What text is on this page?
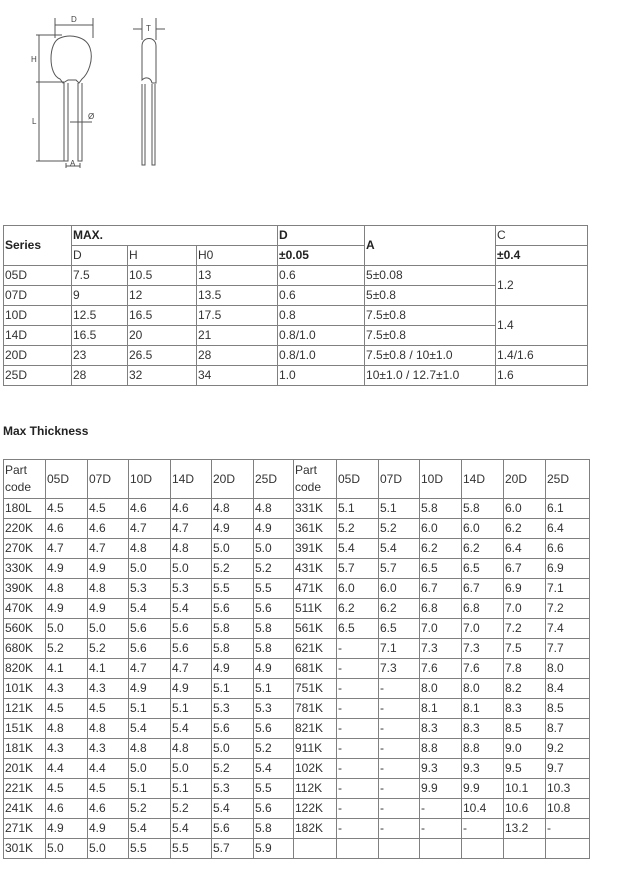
D
H
L
Ø
A
T
Series	MAX.			D	A	C
	D	H	H0	±0.05		±0.4
05D	7.5	10.5	13	0.6	5±0.08	1.2
07D	9	12	13.5	0.6	5±0.8	
10D	12.5	16.5	17.5	0.8	7.5±0.8	1.4
14D	16.5	20	21	0.8/1.0	7.5±0.8	
20D	23	26.5	28	0.8/1.0	7.5±0.8 / 10±1.0	1.4/1.6
25D	28	32	34	1.0	10±1.0 / 12.7±1.0	1.6
Max Thickness
Part
code	05D	07D	10D	14D	20D	25D	Part
code	05D	07D	10D	14D	20D	25D
180L	4.5	4.5	4.6	4.6	4.8	4.8	331K	5.1	5.1	5.8	5.8	6.0	6.1
220K	4.6	4.6	4.7	4.7	4.9	4.9	361K	5.2	5.2	6.0	6.0	6.2	6.4
270K	4.7	4.7	4.8	4.8	5.0	5.0	391K	5.4	5.4	6.2	6.2	6.4	6.6
330K	4.9	4.9	5.0	5.0	5.2	5.2	431K	5.7	5.7	6.5	6.5	6.7	6.9
390K	4.8	4.8	5.3	5.3	5.5	5.5	471K	6.0	6.0	6.7	6.7	6.9	7.1
470K	4.9	4.9	5.4	5.4	5.6	5.6	511K	6.2	6.2	6.8	6.8	7.0	7.2
560K	5.0	5.0	5.6	5.6	5.8	5.8	561K	6.5	6.5	7.0	7.0	7.2	7.4
680K	5.2	5.2	5.6	5.6	5.8	5.8	621K	-	7.1	7.3	7.3	7.5	7.7
820K	4.1	4.1	4.7	4.7	4.9	4.9	681K	-	7.3	7.6	7.6	7.8	8.0
101K	4.3	4.3	4.9	4.9	5.1	5.1	751K	-	-	8.0	8.0	8.2	8.4
121K	4.5	4.5	5.1	5.1	5.3	5.3	781K	-	-	8.1	8.1	8.3	8.5
151K	4.8	4.8	5.4	5.4	5.6	5.6	821K	-	-	8.3	8.3	8.5	8.7
181K	4.3	4.3	4.8	4.8	5.0	5.2	911K	-	-	8.8	8.8	9.0	9.2
201K	4.4	4.4	5.0	5.0	5.2	5.4	102K	-	-	9.3	9.3	9.5	9.7
221K	4.5	4.5	5.1	5.1	5.3	5.5	112K	-	-	9.9	9.9	10.1	10.3
241K	4.6	4.6	5.2	5.2	5.4	5.6	122K	-	-	-	10.4	10.6	10.8
271K	4.9	4.9	5.4	5.4	5.6	5.8	182K	-	-	-	-	13.2	-
301K	5.0	5.0	5.5	5.5	5.7	5.9							
